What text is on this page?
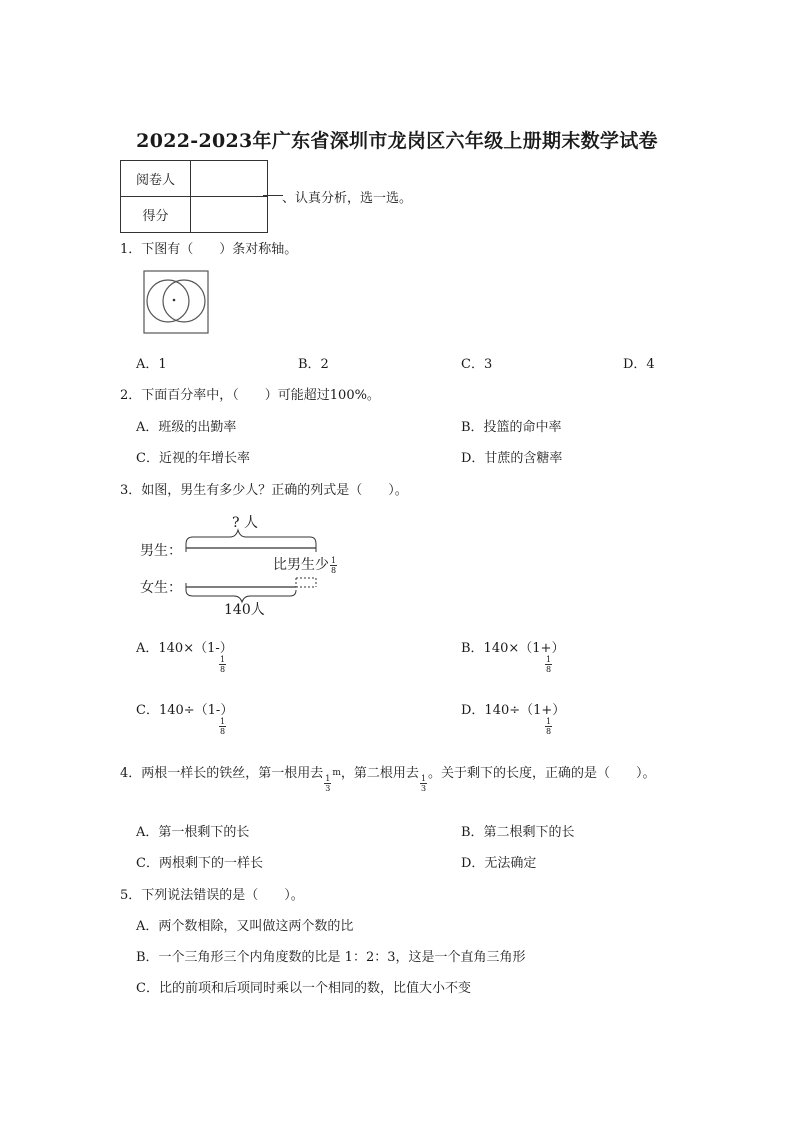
2022-2023年广东省深圳市龙岗区六年级上册期末数学试卷
阅卷人	
得分	
、认真分析，选一选。
1．下图有（　　）条对称轴。
A．1	B．2	C．3	D．4
2．下面百分率中，（　　）可能超过100%。
A．班级的出勤率	B．投篮的命中率
C．近视的年增长率	D．甘蔗的含糖率
3．如图，男生有多少人？正确的列式是（　　）。
? 人
男生：
女生：
比男生少 $\frac{1}{8}$
140人
A．140×（1-）
$\frac{1}{8}$
B．140×（1+）
$\frac{1}{8}$
C．140÷（1-）
$\frac{1}{8}$
D．140÷（1+）
$\frac{1}{8}$
4．两根一样长的铁丝，第一根用去
$\frac{1}{3}$
m，第二根用去
$\frac{1}{3}$
。关于剩下的长度，正确的是（　　）。
A．第一根剩下的长	B．第二根剩下的长
C．两根剩下的一样长	D．无法确定
5．下列说法错误的是（　　）。
A．两个数相除，又叫做这两个数的比
B．一个三角形三个内角度数的比是 1：2：3，这是一个直角三角形
C．比的前项和后项同时乘以一个相同的数，比值大小不变
